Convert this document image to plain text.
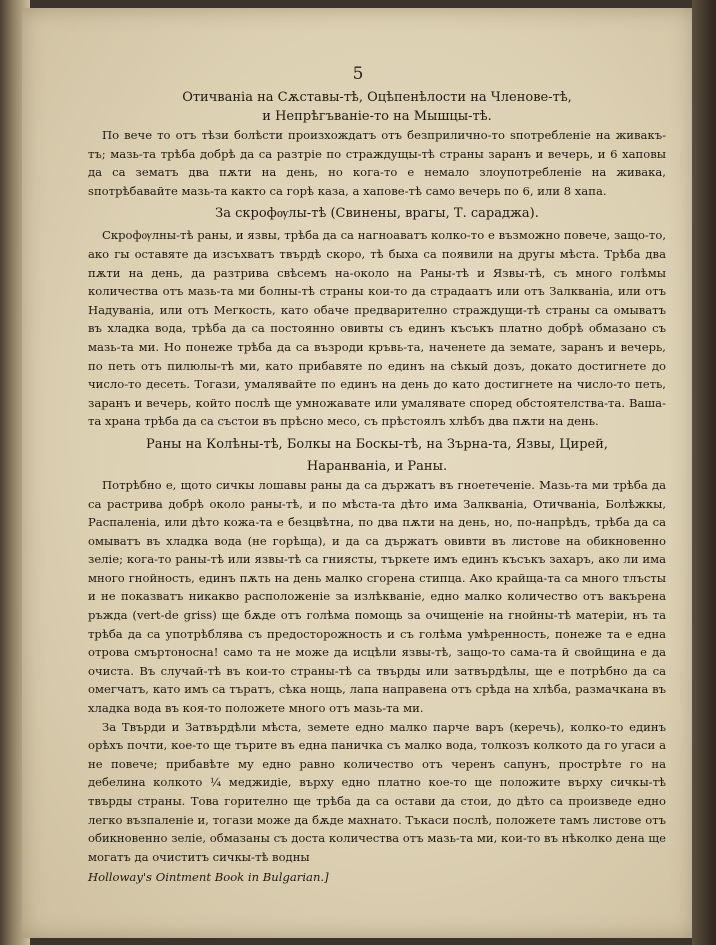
5

Отичваніа на Сѫставы-тѣ, Оцѣпенѣлости на Членове-тѣ,

и Непрѣгъваніе-то на Мышцы-тѣ.

По вече то отъ тѣзи болѣсти произхождатъ отъ безприлично-то ѕпотребленіе на живакъ-тъ; мазь-та трѣба добрѣ да са разтріе по страждущы-тѣ страны заранъ и вечерь, и 6 хаповы да са зематъ два пѫти на день, но кога-то е немало злоупотребленіе на живака, ѕпотрѣбавайте мазь-та както са горѣ каза, а хапове-тѣ само вечерь по 6, или 8 хапа.

За скрофѹлы-тѣ (Свинены, врагы, Т. сараджа).

Скрофѹлны-тѣ раны, и язвы, трѣба да са нагноаватъ колко-то е възможно повече, защо-то, ако гы оставяте да изсъхватъ твърдѣ скоро, тѣ быха са появили на другы мѣста. Трѣба два пѫти на день, да разтрива свѣсемъ на-около на Раны-тѣ и Язвы-тѣ, съ много голѣмы количества отъ мазь-та ми болны-тѣ страны кои-то да страдаатъ или отъ Залкваніа, или отъ Надуваніа, или отъ Мегкость, като обаче предварително страждущи-тѣ страны са омыватъ въ хладка вода, трѣба да са постоянно овивты съ единъ късъкъ платно добрѣ обмазано съ мазь-та ми. Но понеже трѣба да са възроди кръвь-та, наченете да земате, заранъ и вечерь, по петь отъ пилюлы-тѣ ми, като прибавяте по единъ на сѣкый дозъ, докато достигнете до число-то десеть. Тогази, умалявайте по единъ на день до като достигнете на число-то петь, заранъ и вечерь, който послѣ ще умножавате или умалявате според обстоятелства-та. Ваша-та храна трѣба да са състои въ прѣсно месо, съ прѣстоялъ хлѣбъ два пѫти на день.

Раны на Колѣны-тѣ, Болкы на Боскы-тѣ, на Зърна-та, Язвы, Цирей,

Наранваніа, и Раны.

Потрѣбно е, щото сичкы лошавы раны да са държатъ въ гноетеченіе. Мазь-та ми трѣба да са растрива добрѣ около раны-тѣ, и по мѣста-та дѣто има Залкваніа, Отичваніа, Болѣжкы, Распаленіа, или дѣто кожа-та е безцвѣтна, по два пѫти на день, но, по-напрѣдъ, трѣба да са омыватъ въ хладка вода (не горѣща), и да са държатъ овивти въ листове на обикновенно зеліе; кога-то раны-тѣ или язвы-тѣ са гниясты, търкете имъ единъ късъкъ захаръ, ако ли има много гнойность, единъ пѫть на день малко сгорена стипца. Ако крайща-та са много тлъсты и не показватъ никакво расположеніе за излѣкваніе, едно малко количество отъ вакърена ръжда (vert-de griss) ще бѫде отъ голѣма помощь за очищеніе на гнойны-тѣ матеріи, нъ та трѣба да са употрѣблява съ предосторожность и съ голѣма умѣренность, понеже та е една отрова смъртоносна! само та не може да исцѣли язвы-тѣ, защо-то сама-та й свойщина е да очиста. Въ случай-тѣ въ кои-то страны-тѣ са твърды или затвърдѣлы, ще е потрѣбно да са омегчатъ, като имъ са търатъ, сѣка нощь, лапа направена отъ срѣда на хлѣба, размачкана въ хладка вода въ коя-то положете много отъ мазь-та ми.

За Твърди и Затвърдѣли мѣста, земете едно малко парче варъ (керечь), колко-то единъ орѣхъ почти, кое-то ще търите въ една паничка съ малко вода, толкозъ колкото да го угаси а не повече; прибавѣте му едно равно количество отъ черенъ сапунъ, прострѣте го на дебелина колкото ¼ меджидіе, върху едно платно кое-то ще положите върху сичкы-тѣ твърды страны. Това горително ще трѣба да са остави да стои, до дѣто са произведе едно легко възпаленіе и, тогази може да бѫде махнато. Тъкаси послѣ, положете тамъ листове отъ обикновенно зеліе, обмазаны съ доста количества отъ мазь-та ми, кои-то въ нѣколко дена ще могатъ да очиститъ сичкы-тѣ водны

Holloway's Ointment Book in Bulgarian.]
